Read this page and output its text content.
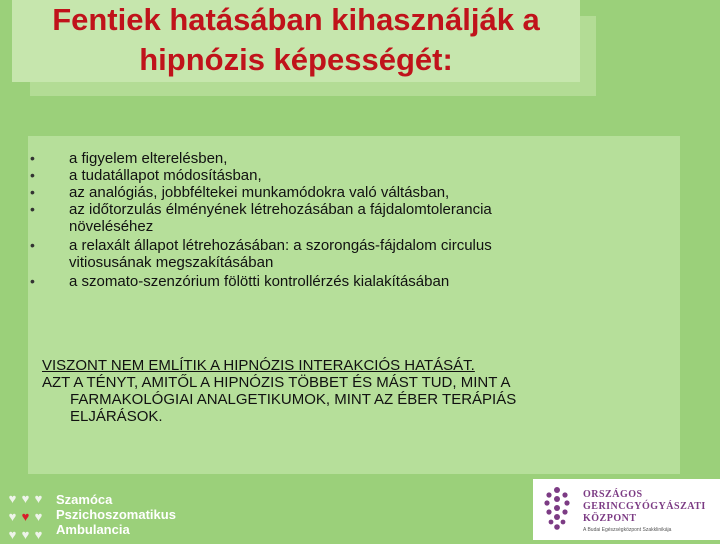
Fentiek hatásában kihasználják a
hipnózis képességét:
• a figyelem elterelésben,
• a tudatállapot módosításban,
• az analógiás, jobbféltekei munkamódokra való váltásban,
• az időtorzulás élményének létrehozásában a fájdalomtolerancia
növeléséhez
• a relaxált állapot létrehozásában: a szorongás-fájdalom circulus
vitiosusának megszakításában
• a szomato-szenzórium fölötti kontrollérzés kialakításában

VISZONT NEM EMLÍTIK A HIPNÓZIS INTERAKCIÓS HATÁSÁT.

AZT A TÉNYT, AMITŐL A HIPNÓZIS TÖBBET ÉS MÁST TUD, MINT A

FARMAKOLÓGIAI ANALGETIKUMOK, MINT AZ ÉBER TERÁPIÁS

ELJÁRÁSOK.

♥ ♥ ♥
♥ ♥ ♥
♥ ♥ ♥
Szamóca
Pszichoszomatikus
Ambulancia
ORSZÁGOS
GERINCGYÓGYÁSZATI
KÖZPONT
A Budai Egészségközpont Szakklinikája
